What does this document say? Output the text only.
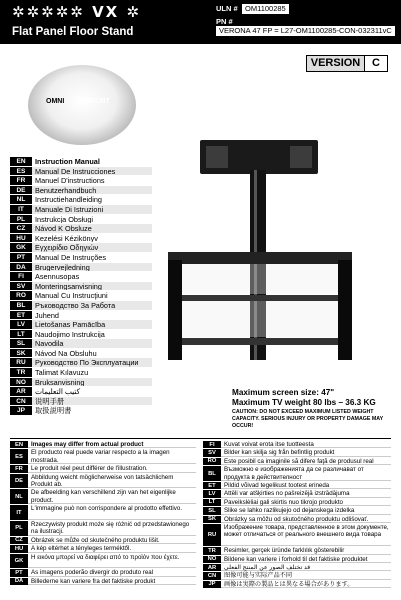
✲✲✲✲✲ VX ✲
Flat Panel Floor Stand
ULN # OM1100285
PN #VERONA 47 FP = L27-OM1100285-CON-032311vC
VERSION	C
OMNI	MOUNT
EN	Instruction Manual
ES	Manual De Instrucciones
FR	Manuel D'instructions
DE	Benutzerhandbuch
NL	Instructiehandleiding
IT	Manuale Di Istruzioni
PL	Instrukcja Obsługi
CZ	Návod K Obsluze
HU	Kezelési Kézikönyv
GK	Εγχειρίδιο Οδηγιών
PT	Manual De Instruções
DA	Brugervejledning
FI	Asennusopas
SV	Monteringsanvisning
RO	Manual Cu Instrucţiuni
BL	Ръководство За Работа
ET	Juhend
LV	Lietošanas Pamācība
LT	Naudojimo Instrukcija
SL	Navodila
SK	Návod Na Obsluhu
RU	Руководство По Эксплуатации
TR	Talimat Kılavuzu
NO	Bruksanvisning
AR	كتيب التعليمات
CN	说明手册
JP	取扱説明書
Maximum screen size: 47"
Maximum TV weight 80 lbs – 36.3 KG
CAUTION: DO NOT EXCEED MAXIMUM LISTED WEIGHT CAPACITY. SERIOUS INJURY OR PROPERTY DAMAGE MAY OCCUR!
EN	Images may differ from actual product
ES
El producto real puede variar respecto a la imagen mostrada.
FR	Le produit réel peut différer de l'illustration.
DE
Abbildung weicht möglicherweise von tatsächlichem Produkt ab.
NL
De afbeelding kan verschillend zijn van het eigenlijke product.
IT
L'immagine può non corrispondere al prodotto effettivo.
PL
Rzeczywisty produkt może się różnić od przedstawionego na ilustracji.
CZ	Obrázek se může od skutečného produktu lišit.
HU	A kép eltérhet a tényleges terméktől.
GK
Η εικόνα μπορεί να διαφέρει από το προϊόν που έχετε.
PT	As imagens poderão divergir do produto real
DA	Billederne kan variere fra det faktiske produkt
FI	Kuvat voivat erota itse tuotteesta
SV	Bilder kan skilja sig från befintlig produkt
RO	Este posibil ca imaginile să difere faţă de produsul real
BL
Възможно е изображенията да се различават от продукта в действителност
ET	Pildid võivad tegelikust tootest erineda
LV	Attēli var atšķirties no pašreizējā izstrādājuma
LT	Paveikslėliai gali skirtis nuo tikrojo produkto
SL	Slike se lahko razlikujejo od dejanskega izdelka
SK	Obrázky sa môžu od skutočného produktu odlišovať.
RU
Изображение товара, представленное в этом документе, может отличаться от реального внешнего вида товара
TR	Resimler, gerçek üründe farklılık gösterebilir
NO	Bildene kan variere i forhold til det faktiske produktet
AR	قد تختلف الصور عن المنتج الفعلي
CN	图像可能与实际产品不同
JP	画像は実際の製品とは異なる場合があります。
